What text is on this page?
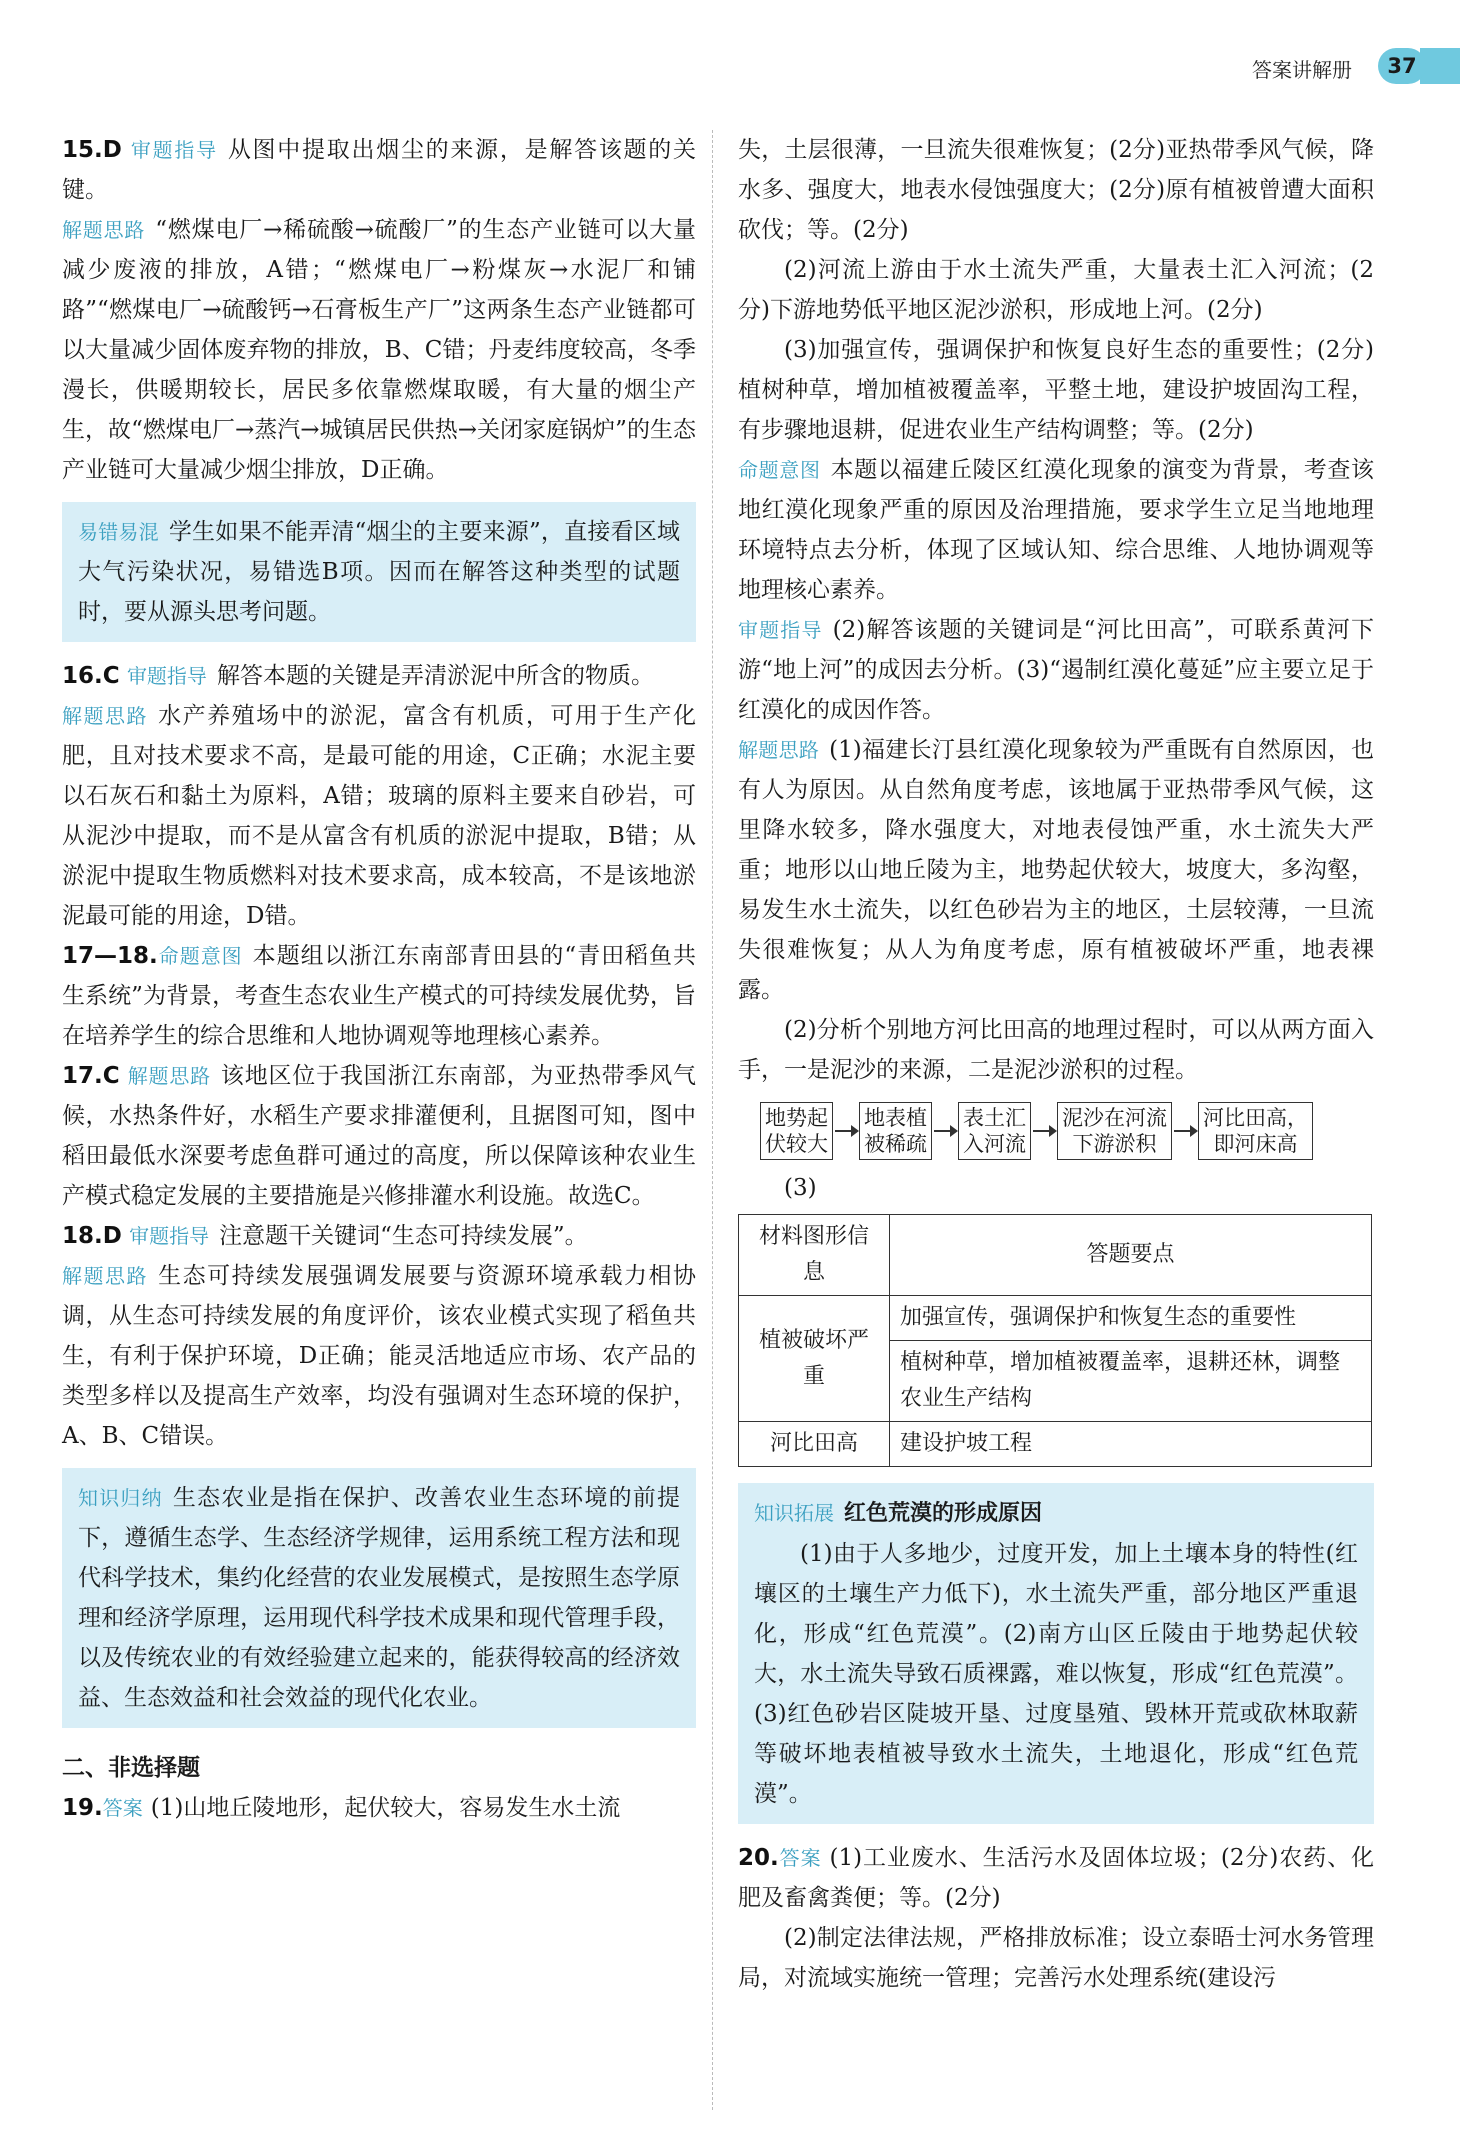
答案讲解册	37

15.D 审题指导 从图中提取出烟尘的来源，是解答该题的关键。

解题思路 “燃煤电厂→稀硫酸→硫酸厂”的生态产业链可以大量减少废液的排放，A错；“燃煤电厂→粉煤灰→水泥厂和铺路”“燃煤电厂→硫酸钙→石膏板生产厂”这两条生态产业链都可以大量减少固体废弃物的排放，B、C错；丹麦纬度较高，冬季漫长，供暖期较长，居民多依靠燃煤取暖，有大量的烟尘产生，故“燃煤电厂→蒸汽→城镇居民供热→关闭家庭锅炉”的生态产业链可大量减少烟尘排放，D正确。

易错易混 学生如果不能弄清“烟尘的主要来源”，直接看区域大气污染状况，易错选B项。因而在解答这种类型的试题时，要从源头思考问题。

16.C 审题指导 解答本题的关键是弄清淤泥中所含的物质。

解题思路 水产养殖场中的淤泥，富含有机质，可用于生产化肥，且对技术要求不高，是最可能的用途，C正确；水泥主要以石灰石和黏土为原料，A错；玻璃的原料主要来自砂岩，可从泥沙中提取，而不是从富含有机质的淤泥中提取，B错；从淤泥中提取生物质燃料对技术要求高，成本较高，不是该地淤泥最可能的用途，D错。

17—18.命题意图 本题组以浙江东南部青田县的“青田稻鱼共生系统”为背景，考查生态农业生产模式的可持续发展优势，旨在培养学生的综合思维和人地协调观等地理核心素养。

17.C 解题思路 该地区位于我国浙江东南部，为亚热带季风气候，水热条件好，水稻生产要求排灌便利，且据图可知，图中稻田最低水深要考虑鱼群可通过的高度，所以保障该种农业生产模式稳定发展的主要措施是兴修排灌水利设施。故选C。

18.D 审题指导 注意题干关键词“生态可持续发展”。

解题思路 生态可持续发展强调发展要与资源环境承载力相协调，从生态可持续发展的角度评价，该农业模式实现了稻鱼共生，有利于保护环境，D正确；能灵活地适应市场、农产品的类型多样以及提高生产效率，均没有强调对生态环境的保护，A、B、C错误。

知识归纳 生态农业是指在保护、改善农业生态环境的前提下，遵循生态学、生态经济学规律，运用系统工程方法和现代科学技术，集约化经营的农业发展模式，是按照生态学原理和经济学原理，运用现代科学技术成果和现代管理手段，以及传统农业的有效经验建立起来的，能获得较高的经济效益、生态效益和社会效益的现代化农业。

二、非选择题

19.答案 (1)山地丘陵地形，起伏较大，容易发生水土流

失，土层很薄，一旦流失很难恢复；(2分)亚热带季风气候，降水多、强度大，地表水侵蚀强度大；(2分)原有植被曾遭大面积砍伐；等。(2分)

(2)河流上游由于水土流失严重，大量表土汇入河流；(2分)下游地势低平地区泥沙淤积，形成地上河。(2分)

(3)加强宣传，强调保护和恢复良好生态的重要性；(2分)植树种草，增加植被覆盖率，平整土地，建设护坡固沟工程，有步骤地退耕，促进农业生产结构调整；等。(2分)

命题意图 本题以福建丘陵区红漠化现象的演变为背景，考查该地红漠化现象严重的原因及治理措施，要求学生立足当地地理环境特点去分析，体现了区域认知、综合思维、人地协调观等地理核心素养。

审题指导 (2)解答该题的关键词是“河比田高”，可联系黄河下游“地上河”的成因去分析。(3)“遏制红漠化蔓延”应主要立足于红漠化的成因作答。

解题思路 (1)福建长汀县红漠化现象较为严重既有自然原因，也有人为原因。从自然角度考虑，该地属于亚热带季风气候，这里降水较多，降水强度大，对地表侵蚀严重，水土流失大严重；地形以山地丘陵为主，地势起伏较大，坡度大，多沟壑，易发生水土流失，以红色砂岩为主的地区，土层较薄，一旦流失很难恢复；从人为角度考虑，原有植被破坏严重，地表裸露。

(2)分析个别地方河比田高的地理过程时，可以从两方面入手，一是泥沙的来源，二是泥沙淤积的过程。

地势起
伏较大
地表植
被稀疏
表土汇
入河流
泥沙在河流
下游淤积
河比田高，
即河床高

(3)

材料图形信息	答题要点
植被破坏严重	加强宣传，强调保护和恢复生态的重要性
	植树种草，增加植被覆盖率，退耕还林，调整农业生产结构
河比田高	建设护坡工程

知识拓展 红色荒漠的形成原因

(1)由于人多地少，过度开发，加上土壤本身的特性(红壤区的土壤生产力低下)，水土流失严重，部分地区严重退化，形成“红色荒漠”。(2)南方山区丘陵由于地势起伏较大，水土流失导致石质裸露，难以恢复，形成“红色荒漠”。(3)红色砂岩区陡坡开垦、过度垦殖、毁林开荒或砍林取薪等破坏地表植被导致水土流失，土地退化，形成“红色荒漠”。

20.答案 (1)工业废水、生活污水及固体垃圾；(2分)农药、化肥及畜禽粪便；等。(2分)

(2)制定法律法规，严格排放标准；设立泰晤士河水务管理局，对流域实施统一管理；完善污水处理系统(建设污
